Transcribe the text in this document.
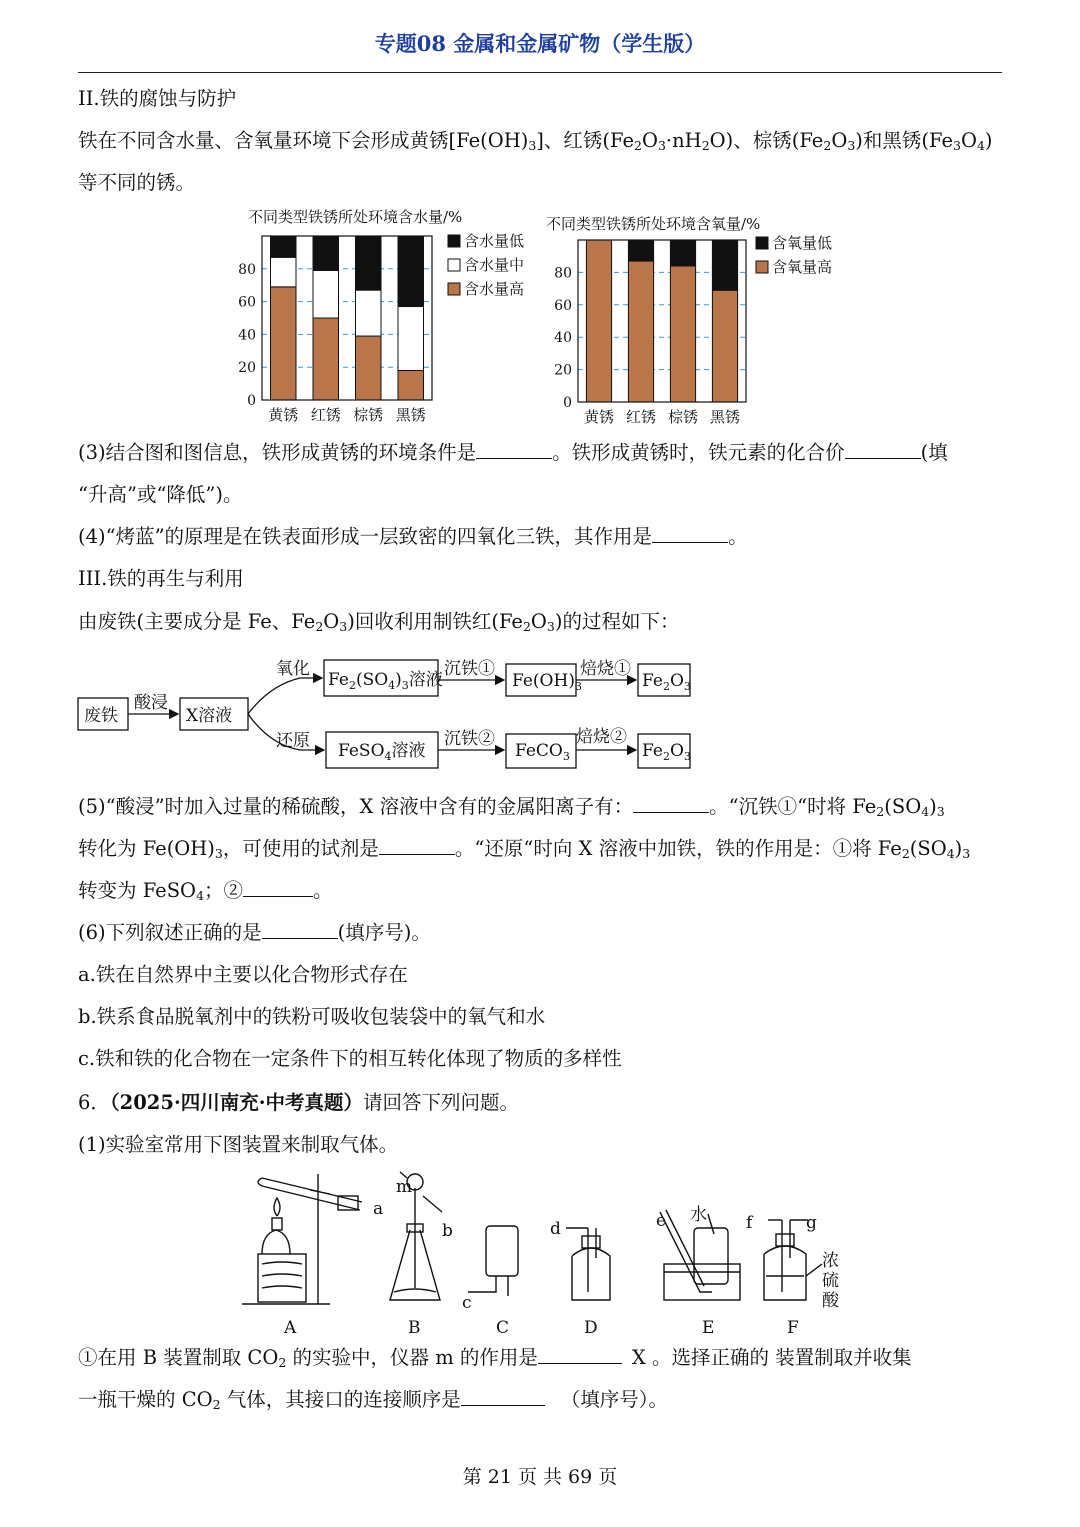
专题08 金属和金属矿物（学生版）
II.铁的腐蚀与防护
铁在不同含水量、含氧量环境下会形成黄锈$[Fe(OH)_3]$、红锈$(Fe_2O_3\cdot nH_2O)$、棕锈$(Fe_2O_3)$和黑锈$(Fe_3O_4)$
等不同的锈。
不同类型铁锈所处环境含水量/%
0
20
40
60
80
黄锈 红锈 棕锈 黑锈
含水量低
含水量中
含水量高
不同类型铁锈所处环境含氧量/%
0
20
40
60
80
黄锈 红锈 棕锈 黑锈
含氧量低
含氧量高
(3)结合图和图信息，铁形成黄锈的环境条件是	。铁形成黄锈时，铁元素的化合价	(填
“升高”或“降低”)。
(4)“烤蓝”的原理是在铁表面形成一层致密的四氧化三铁，其作用是	。
III.铁的再生与利用
由废铁(主要成分是 Fe、$Fe_2O_3$)回收利用制铁红$(Fe_2O_3)$的过程如下：
废铁
酸浸
X溶液
氧化
还原
$Fe_2(SO_4)_3$溶液
FeSO$_4$溶液
沉铁①
沉铁②
$Fe(OH)_3$
FeCO$_3$
焙烧①
焙烧②
$Fe_2O_3$
$Fe_2O_3$
(5)“酸浸”时加入过量的稀硫酸，X 溶液中含有的金属阳离子有：	。“沉铁①“时将 $Fe_2(SO_4)_3$
转化为 $Fe(OH)_3$，可使用的试剂是	。“还原“时向 X 溶液中加铁，铁的作用是：①将 $Fe_2(SO_4)_3$
转变为 FeSO$_4$；②	。
(6)下列叙述正确的是	(填序号)。
a.铁在自然界中主要以化合物形式存在
b.铁系食品脱氧剂中的铁粉可吸收包装袋中的氧气和水
c.铁和铁的化合物在一定条件下的相互转化体现了物质的多样性
6．（2025·四川南充·中考真题）请回答下列问题。
(1)实验室常用下图装置来制取气体。
a
m
b
c
d	e	f	g
水
浓
硫
酸
A	B	C	D	E	F
①在用 B 装置制取 $CO_2$ 的实验中，仪器 m 的作用是	X 。选择正确的 装置制取并收集
一瓶干燥的 $CO_2$ 气体，其接口的连接顺序是	（填序号）。
第 21 页 共 69 页
